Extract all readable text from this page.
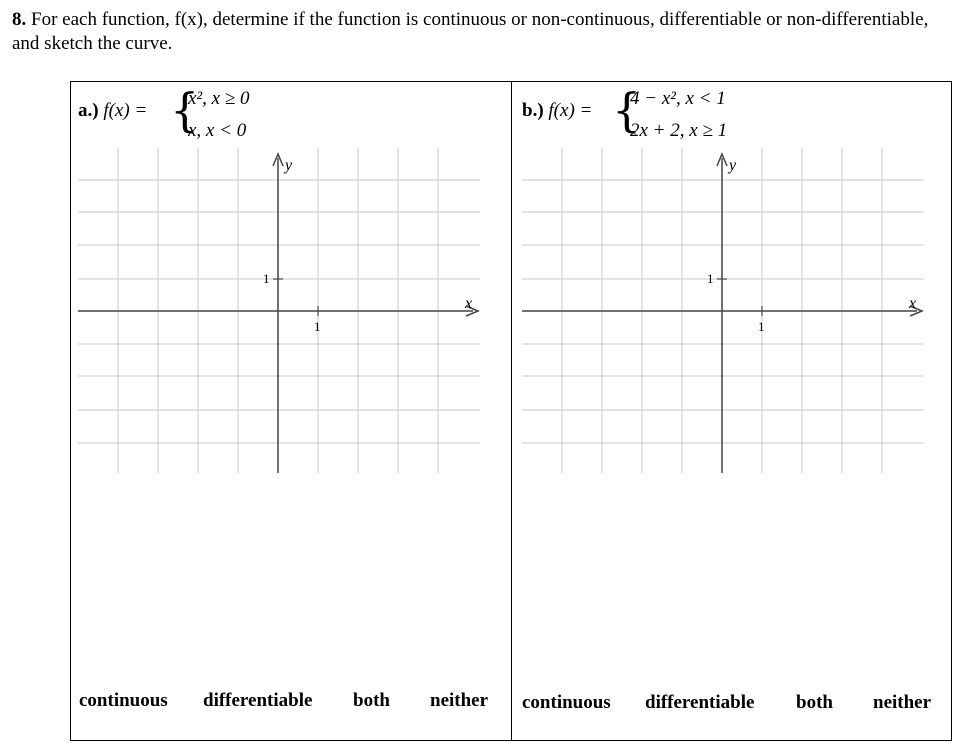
8. For each function, f(x), determine if the function is continuous or non-continuous, differentiable or non-differentiable, and sketch the curve.
a.) f(x) = {
x², x ≥ 0
x, x < 0
b.) f(x) = {
4 − x², x < 1
2x + 2, x ≥ 1
y
x
1
1
y
x
1
1
continuous differentiable both neither continuous differentiable both neither
